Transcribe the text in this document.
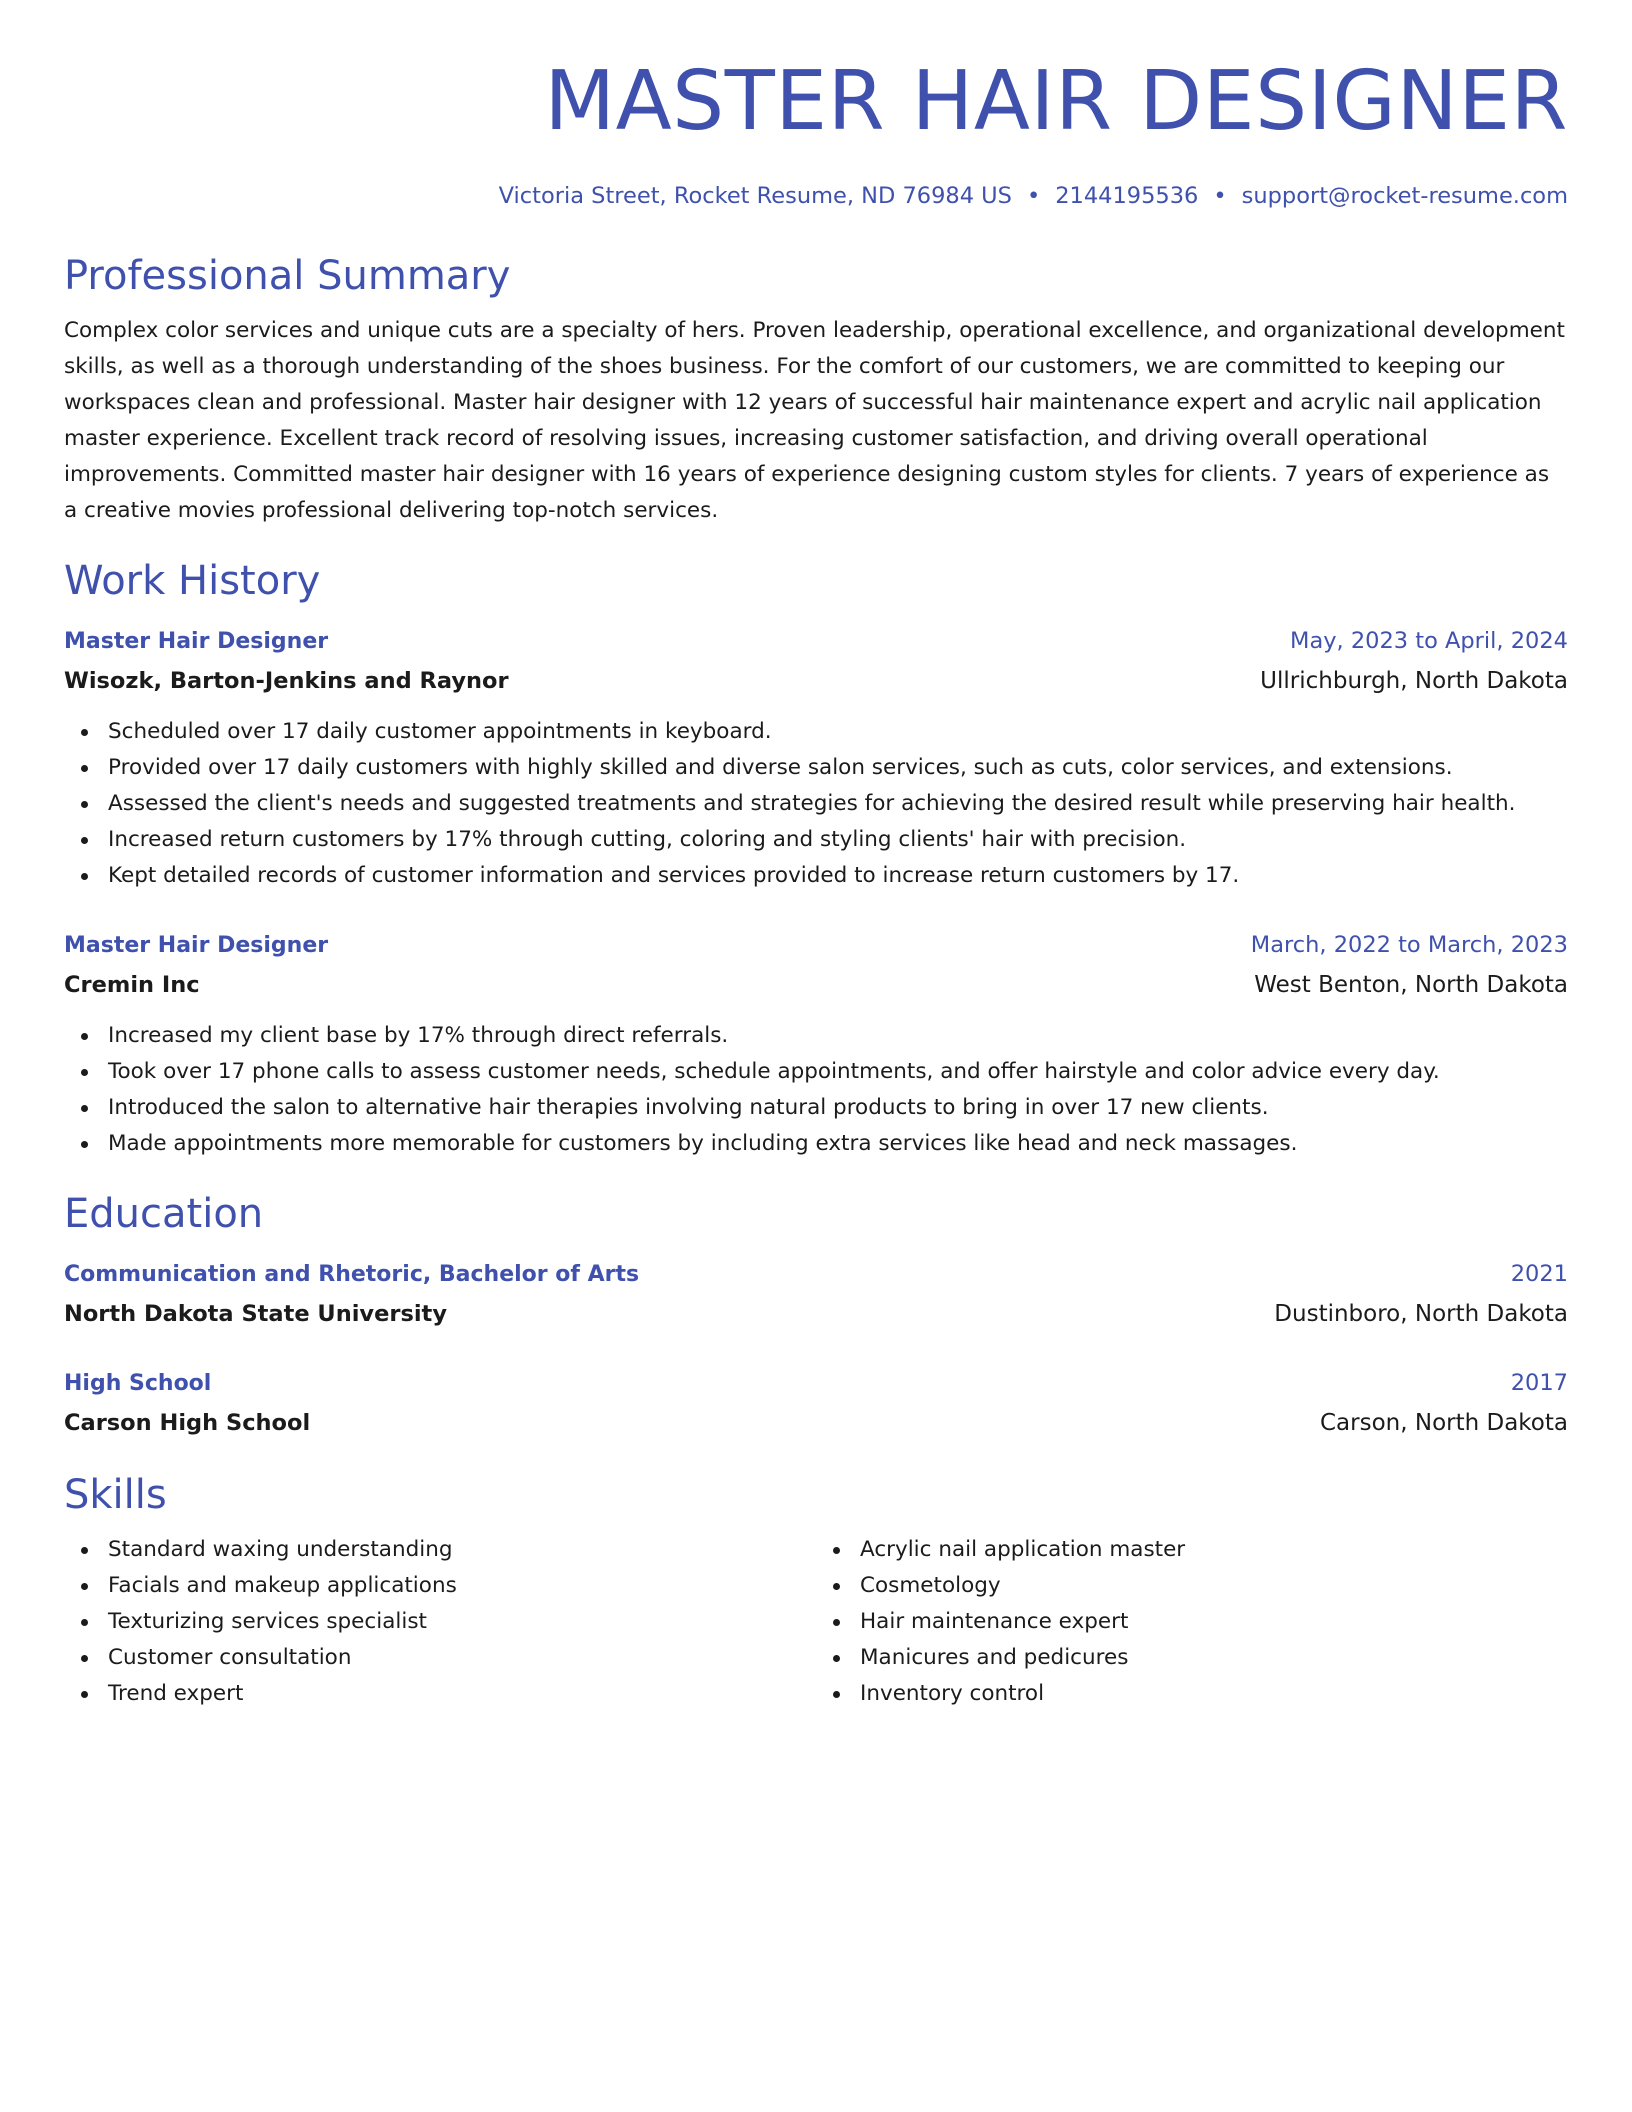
MASTER HAIR DESIGNER
Victoria Street, Rocket Resume, ND 76984 US • 2144195536 • support@rocket-resume.com
Professional Summary

Complex color services and unique cuts are a specialty of hers. Proven leadership, operational excellence, and organizational development skills, as well as a thorough understanding of the shoes business. For the comfort of our customers, we are committed to keeping our workspaces clean and professional. Master hair designer with 12 years of successful hair maintenance expert and acrylic nail application master experience. Excellent track record of resolving issues, increasing customer satisfaction, and driving overall operational improvements. Committed master hair designer with 16 years of experience designing custom styles for clients. 7 years of experience as a creative movies professional delivering top-notch services.

Work History
Master Hair Designer	May, 2023 to April, 2024
Wisozk, Barton-Jenkins and Raynor	Ullrichburgh, North Dakota
Scheduled over 17 daily customer appointments in keyboard.
Provided over 17 daily customers with highly skilled and diverse salon services, such as cuts, color services, and extensions.
Assessed the client's needs and suggested treatments and strategies for achieving the desired result while preserving hair health.
Increased return customers by 17% through cutting, coloring and styling clients' hair with precision.
Kept detailed records of customer information and services provided to increase return customers by 17.
Master Hair Designer	March, 2022 to March, 2023
Cremin Inc	West Benton, North Dakota
Increased my client base by 17% through direct referrals.
Took over 17 phone calls to assess customer needs, schedule appointments, and offer hairstyle and color advice every day.
Introduced the salon to alternative hair therapies involving natural products to bring in over 17 new clients.
Made appointments more memorable for customers by including extra services like head and neck massages.
Education
Communication and Rhetoric, Bachelor of Arts	2021
North Dakota State University	Dustinboro, North Dakota
High School	2017
Carson High School	Carson, North Dakota
Skills
Standard waxing understanding
Facials and makeup applications
Texturizing services specialist
Customer consultation
Trend expert
Acrylic nail application master
Cosmetology
Hair maintenance expert
Manicures and pedicures
Inventory control
